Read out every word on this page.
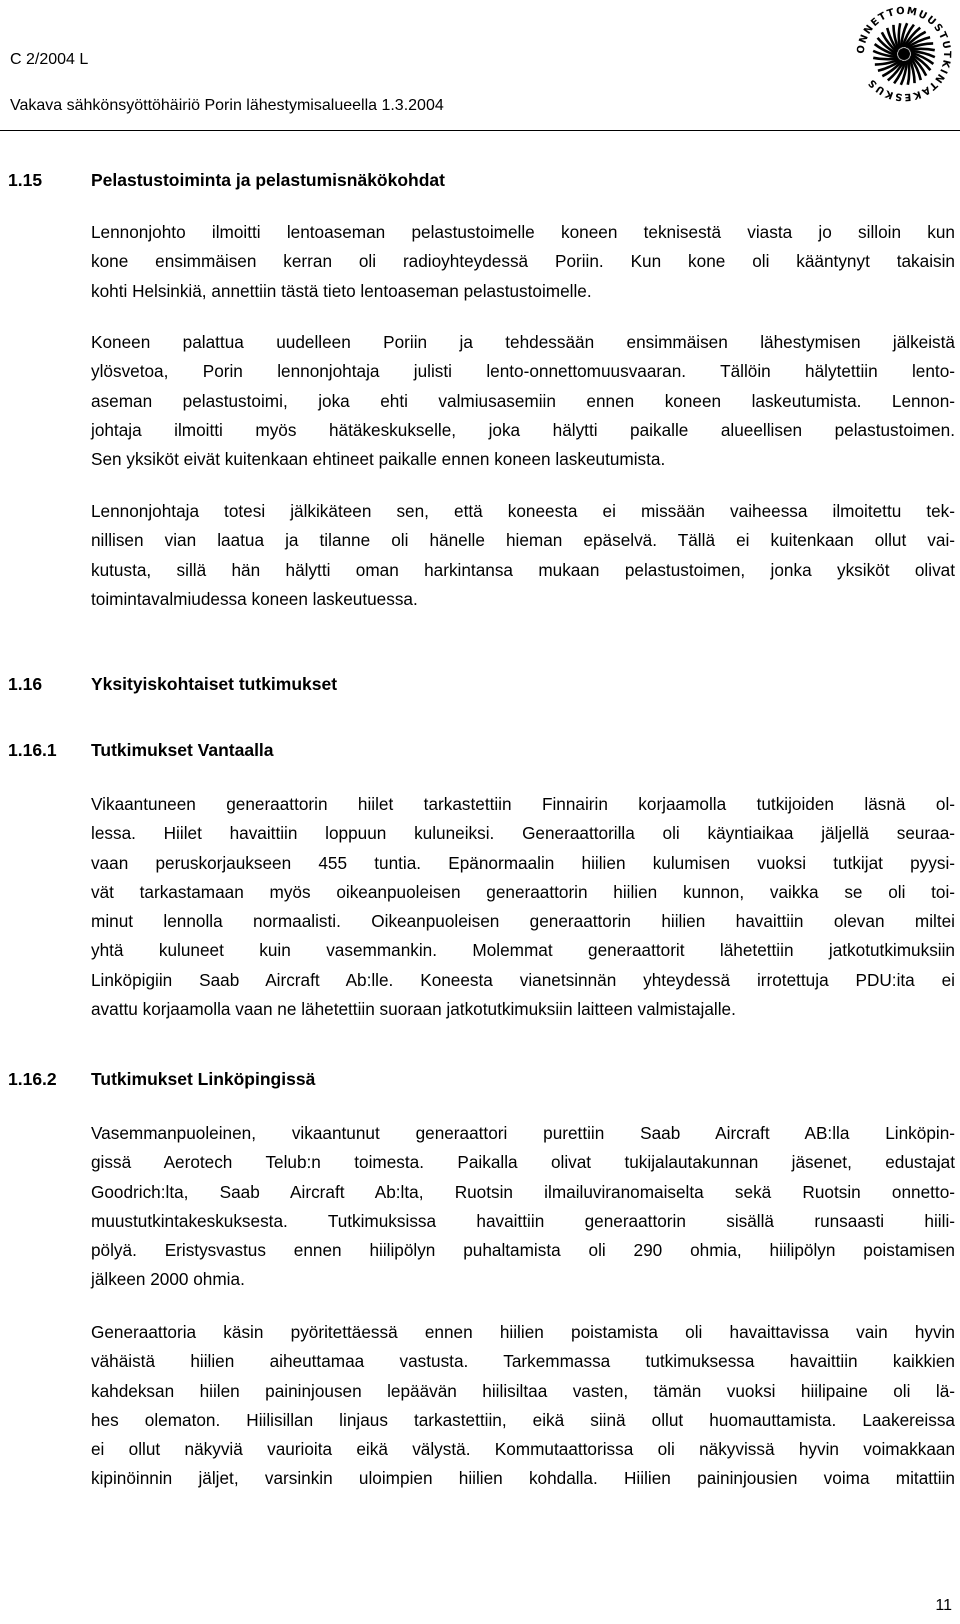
C 2/2004 L
Vakava sähkönsyöttöhäiriö Porin lähestymisalueella 1.3.2004
ONNETTOMUUSTUTKINTAKESKUS
1.15	Pelastustoiminta ja pelastumisnäkökohdat
Lennonjohto ilmoitti lentoaseman pelastustoimelle koneen teknisestä viasta jo silloin kun
kone ensimmäisen kerran oli radioyhteydessä Poriin. Kun kone oli kääntynyt takaisin
kohti Helsinkiä, annettiin tästä tieto lentoaseman pelastustoimelle.
Koneen palattua uudelleen Poriin ja tehdessään ensimmäisen lähestymisen jälkeistä
ylösvetoa, Porin lennonjohtaja julisti lento-onnettomuusvaaran. Tällöin hälytettiin lento-
aseman pelastustoimi, joka ehti valmiusasemiin ennen koneen laskeutumista. Lennon-
johtaja ilmoitti myös hätäkeskukselle, joka hälytti paikalle alueellisen pelastustoimen.
Sen yksiköt eivät kuitenkaan ehtineet paikalle ennen koneen laskeutumista.
Lennonjohtaja totesi jälkikäteen sen, että koneesta ei missään vaiheessa ilmoitettu tek-
nillisen vian laatua ja tilanne oli hänelle hieman epäselvä. Tällä ei kuitenkaan ollut vai-
kutusta, sillä hän hälytti oman harkintansa mukaan pelastustoimen, jonka yksiköt olivat
toimintavalmiudessa koneen laskeutuessa.
1.16	Yksityiskohtaiset tutkimukset
1.16.1 Tutkimukset Vantaalla
Vikaantuneen generaattorin hiilet tarkastettiin Finnairin korjaamolla tutkijoiden läsnä ol-
lessa. Hiilet havaittiin loppuun kuluneiksi. Generaattorilla oli käyntiaikaa jäljellä seuraa-
vaan peruskorjaukseen 455 tuntia. Epänormaalin hiilien kulumisen vuoksi tutkijat pyysi-
vät tarkastamaan myös oikeanpuoleisen generaattorin hiilien kunnon, vaikka se oli toi-
minut lennolla normaalisti. Oikeanpuoleisen generaattorin hiilien havaittiin olevan miltei
yhtä kuluneet kuin vasemmankin. Molemmat generaattorit lähetettiin jatkotutkimuksiin
Linköpigiin Saab Aircraft Ab:lle. Koneesta vianetsinnän yhteydessä irrotettuja PDU:ita ei
avattu korjaamolla vaan ne lähetettiin suoraan jatkotutkimuksiin laitteen valmistajalle.
1.16.2 Tutkimukset Linköpingissä
Vasemmanpuoleinen, vikaantunut generaattori purettiin Saab Aircraft AB:lla Linköpin-
gissä Aerotech Telub:n toimesta. Paikalla olivat tukijalautakunnan jäsenet, edustajat
Goodrich:lta, Saab Aircraft Ab:lta, Ruotsin ilmailuviranomaiselta sekä Ruotsin onnetto-
muustutkintakeskuksesta. Tutkimuksissa havaittiin generaattorin sisällä runsaasti hiili-
pölyä. Eristysvastus ennen hiilipölyn puhaltamista oli 290 ohmia, hiilipölyn poistamisen
jälkeen 2000 ohmia.
Generaattoria käsin pyöritettäessä ennen hiilien poistamista oli havaittavissa vain hyvin
vähäistä hiilien aiheuttamaa vastusta. Tarkemmassa tutkimuksessa havaittiin kaikkien
kahdeksan hiilen paininjousen lepäävän hiilisiltaa vasten, tämän vuoksi hiilipaine oli lä-
hes olematon. Hiilisillan linjaus tarkastettiin, eikä siinä ollut huomauttamista. Laakereissa
ei ollut näkyviä vaurioita eikä välystä. Kommutaattorissa oli näkyvissä hyvin voimakkaan
kipinöinnin jäljet, varsinkin uloimpien hiilien kohdalla. Hiilien paininjousien voima mitattiin
11
